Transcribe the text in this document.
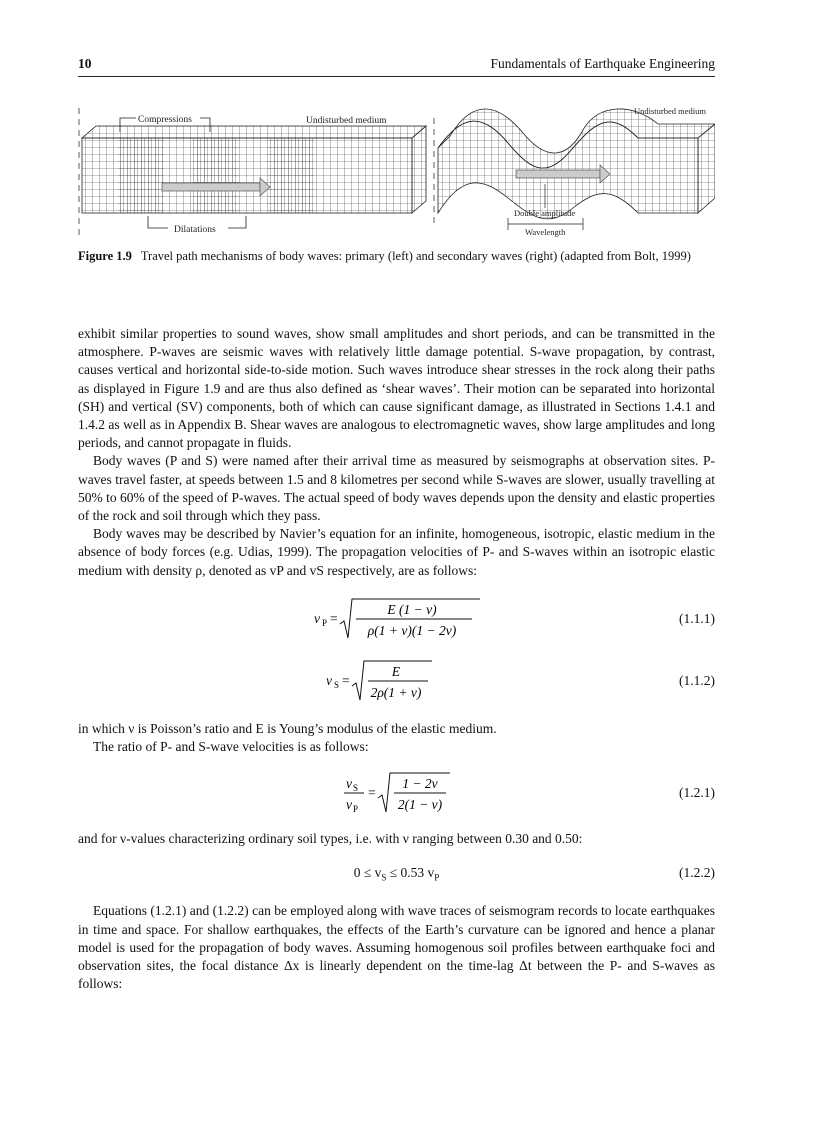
10	Fundamentals of Earthquake Engineering
Compressions	Undisturbed medium
Dilatations
Undisturbed medium
Double amplitude
Wavelength
Figure 1.9 Travel path mechanisms of body waves: primary (left) and secondary waves (right) (adapted from Bolt, 1999)

exhibit similar properties to sound waves, show small amplitudes and short periods, and can be transmitted in the atmosphere. P-waves are seismic waves with relatively little damage potential. S-wave propagation, by contrast, causes vertical and horizontal side-to-side motion. Such waves introduce shear stresses in the rock along their paths as displayed in Figure 1.9 and are thus also defined as ‘shear waves’. Their motion can be separated into horizontal (SH) and vertical (SV) components, both of which can cause significant damage, as illustrated in Sections 1.4.1 and 1.4.2 as well as in Appendix B. Shear waves are analogous to electromagnetic waves, show large amplitudes and long periods, and cannot propagate in fluids.

Body waves (P and S) were named after their arrival time as measured by seismographs at observation sites. P-waves travel faster, at speeds between 1.5 and 8 kilometres per second while S-waves are slower, usually travelling at 50% to 60% of the speed of P-waves. The actual speed of body waves depends upon the density and elastic properties of the rock and soil through which they pass.

Body waves may be described by Navier’s equation for an infinite, homogeneous, isotropic, elastic medium in the absence of body forces (e.g. Udias, 1999). The propagation velocities of P- and S-waves within an isotropic elastic medium with density ρ, denoted as vP and vS respectively, are as follows:

v P =
E (1 − ν)
ρ(1 + ν)(1 − 2ν)
(1.1.1)
v S =
E
2ρ(1 + ν)
(1.1.2)

in which ν is Poisson’s ratio and E is Young’s modulus of the elastic medium.

The ratio of P- and S-wave velocities is as follows:

v S
v P
=
1 − 2ν
2(1 − ν)
(1.2.1)

and for ν-values characterizing ordinary soil types, i.e. with ν ranging between 0.30 and 0.50:

$0 \le v_S \le 0.53$ $v_P$	(1.2.2)

Equations (1.2.1) and (1.2.2) can be employed along with wave traces of seismogram records to locate earthquakes in time and space. For shallow earthquakes, the effects of the Earth’s curvature can be ignored and hence a planar model is used for the propagation of body waves. Assuming homogenous soil profiles between earthquake foci and observation sites, the focal distance Δx is linearly dependent on the time-lag Δt between the P- and S-waves as follows:
